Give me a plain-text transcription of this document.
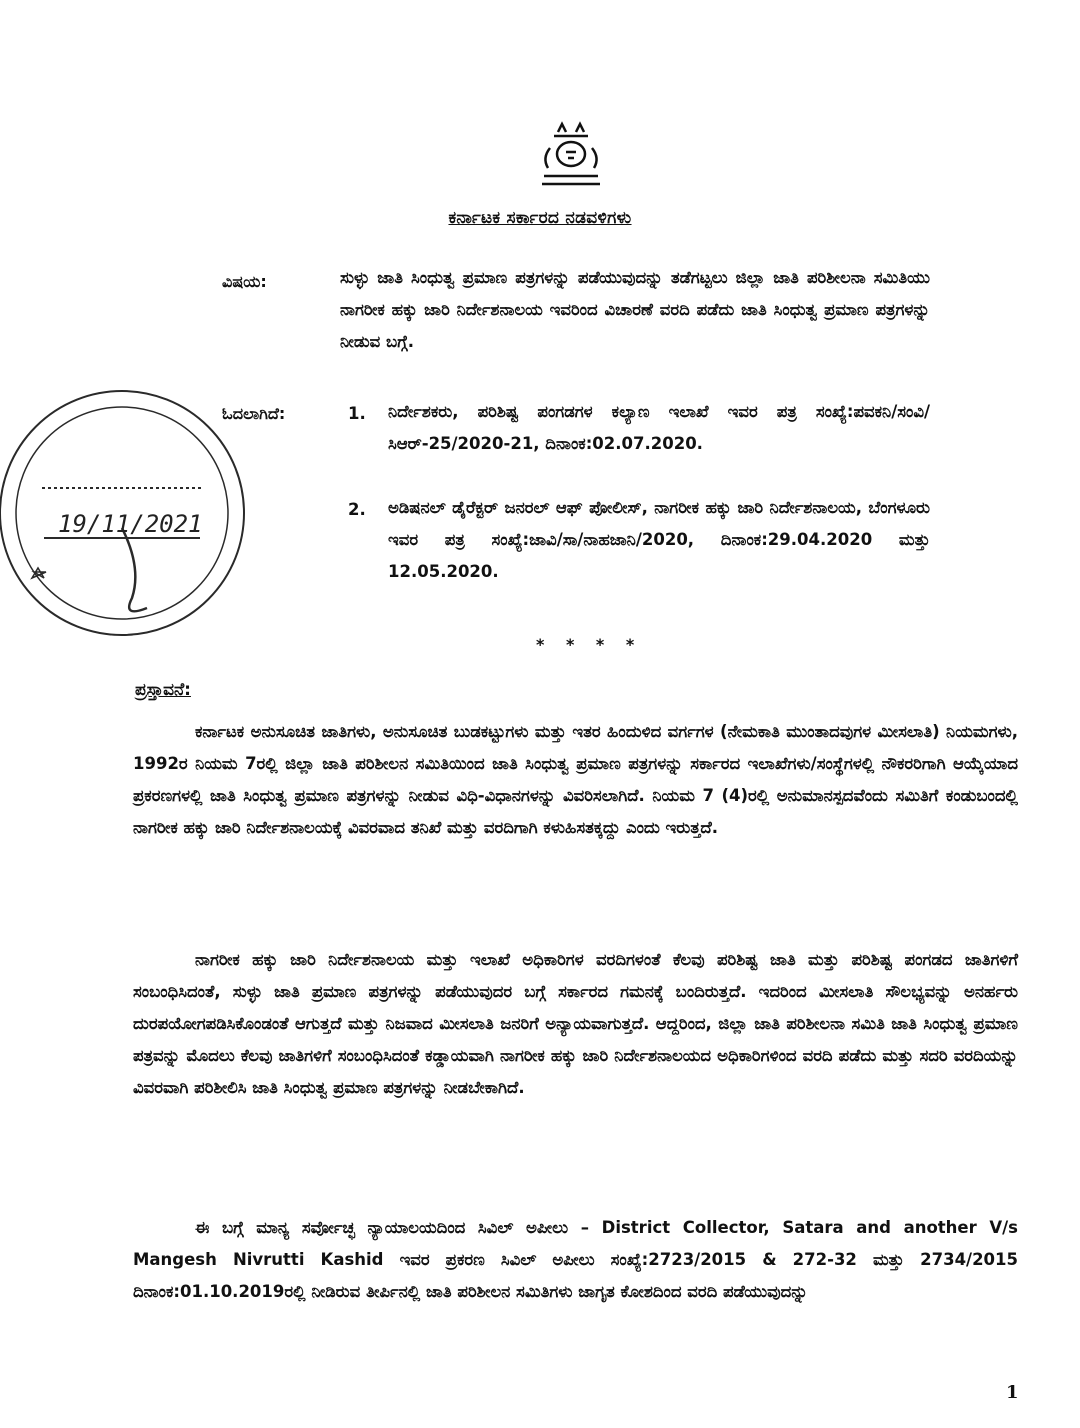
ಕರ್ನಾಟಕ ಸರ್ಕಾರದ ನಡವಳಿಗಳು
ವಿಷಯ:	ಸುಳ್ಳು ಜಾತಿ ಸಿಂಧುತ್ವ ಪ್ರಮಾಣ ಪತ್ರಗಳನ್ನು ಪಡೆಯುವುದನ್ನು ತಡೆಗಟ್ಟಲು ಜಿಲ್ಲಾ ಜಾತಿ ಪರಿಶೀಲನಾ ಸಮಿತಿಯು ನಾಗರೀಕ ಹಕ್ಕು ಜಾರಿ ನಿರ್ದೇಶನಾಲಯ ಇವರಿಂದ ವಿಚಾರಣೆ ವರದಿ ಪಡೆದು ಜಾತಿ ಸಿಂಧುತ್ವ ಪ್ರಮಾಣ ಪತ್ರಗಳನ್ನು ನೀಡುವ ಬಗ್ಗೆ.
ಓದಲಾಗಿದೆ:	1. ನಿರ್ದೇಶಕರು, ಪರಿಶಿಷ್ಟ ಪಂಗಡಗಳ ಕಲ್ಯಾಣ ಇಲಾಖೆ ಇವರ ಪತ್ರ ಸಂಖ್ಯೆ:ಪವಕನಿ/ಸಂವಿ/ಸಿಆರ್-25/2020-21, ದಿನಾಂಕ:02.07.2020.
2. ಅಡಿಷನಲ್ ಡೈರೆಕ್ಟರ್ ಜನರಲ್ ಆಫ್ ಪೋಲೀಸ್, ನಾಗರೀಕ ಹಕ್ಕು ಜಾರಿ ನಿರ್ದೇಶನಾಲಯ, ಬೆಂಗಳೂರು ಇವರ ಪತ್ರ ಸಂಖ್ಯೆ:ಜಾವಿ/ಸಾ/ನಾಹಜಾನಿ/2020, ದಿನಾಂಕ:29.04.2020 ಮತ್ತು 12.05.2020.
* * * *
19/11/2021
ಪ್ರಸ್ತಾವನೆ:
ಕರ್ನಾಟಕ ಅನುಸೂಚಿತ ಜಾತಿಗಳು, ಅನುಸೂಚಿತ ಬುಡಕಟ್ಟುಗಳು ಮತ್ತು ಇತರ ಹಿಂದುಳಿದ ವರ್ಗಗಳ (ನೇಮಕಾತಿ ಮುಂತಾದವುಗಳ ಮೀಸಲಾತಿ) ನಿಯಮಗಳು, 1992ರ ನಿಯಮ 7ರಲ್ಲಿ ಜಿಲ್ಲಾ ಜಾತಿ ಪರಿಶೀಲನ ಸಮಿತಿಯಿಂದ ಜಾತಿ ಸಿಂಧುತ್ವ ಪ್ರಮಾಣ ಪತ್ರಗಳನ್ನು ಸರ್ಕಾರದ ಇಲಾಖೆಗಳು/ಸಂಸ್ಥೆಗಳಲ್ಲಿ ನೌಕರರಿಗಾಗಿ ಆಯ್ಕೆಯಾದ ಪ್ರಕರಣಗಳಲ್ಲಿ ಜಾತಿ ಸಿಂಧುತ್ವ ಪ್ರಮಾಣ ಪತ್ರಗಳನ್ನು ನೀಡುವ ವಿಧಿ-ವಿಧಾನಗಳನ್ನು ವಿವರಿಸಲಾಗಿದೆ. ನಿಯಮ 7 (4)ರಲ್ಲಿ ಅನುಮಾನಸ್ಪದವೆಂದು ಸಮಿತಿಗೆ ಕಂಡುಬಂದಲ್ಲಿ ನಾಗರೀಕ ಹಕ್ಕು ಜಾರಿ ನಿರ್ದೇಶನಾಲಯಕ್ಕೆ ವಿವರವಾದ ತನಿಖೆ ಮತ್ತು ವರದಿಗಾಗಿ ಕಳುಹಿಸತಕ್ಕದ್ದು ಎಂದು ಇರುತ್ತದೆ.
ನಾಗರೀಕ ಹಕ್ಕು ಜಾರಿ ನಿರ್ದೇಶನಾಲಯ ಮತ್ತು ಇಲಾಖೆ ಅಧಿಕಾರಿಗಳ ವರದಿಗಳಂತೆ ಕೆಲವು ಪರಿಶಿಷ್ಟ ಜಾತಿ ಮತ್ತು ಪರಿಶಿಷ್ಟ ಪಂಗಡದ ಜಾತಿಗಳಿಗೆ ಸಂಬಂಧಿಸಿದಂತೆ, ಸುಳ್ಳು ಜಾತಿ ಪ್ರಮಾಣ ಪತ್ರಗಳನ್ನು ಪಡೆಯುವುದರ ಬಗ್ಗೆ ಸರ್ಕಾರದ ಗಮನಕ್ಕೆ ಬಂದಿರುತ್ತದೆ. ಇದರಿಂದ ಮೀಸಲಾತಿ ಸೌಲಭ್ಯವನ್ನು ಅನರ್ಹರು ದುರಪಯೋಗಪಡಿಸಿಕೊಂಡಂತೆ ಆಗುತ್ತದೆ ಮತ್ತು ನಿಜವಾದ ಮೀಸಲಾತಿ ಜನರಿಗೆ ಅನ್ಯಾಯವಾಗುತ್ತದೆ. ಆದ್ದರಿಂದ, ಜಿಲ್ಲಾ ಜಾತಿ ಪರಿಶೀಲನಾ ಸಮಿತಿ ಜಾತಿ ಸಿಂಧುತ್ವ ಪ್ರಮಾಣ ಪತ್ರವನ್ನು ಮೊದಲು ಕೆಲವು ಜಾತಿಗಳಿಗೆ ಸಂಬಂಧಿಸಿದಂತೆ ಕಡ್ಡಾಯವಾಗಿ ನಾಗರೀಕ ಹಕ್ಕು ಜಾರಿ ನಿರ್ದೇಶನಾಲಯದ ಅಧಿಕಾರಿಗಳಿಂದ ವರದಿ ಪಡೆದು ಮತ್ತು ಸದರಿ ವರದಿಯನ್ನು ವಿವರವಾಗಿ ಪರಿಶೀಲಿಸಿ ಜಾತಿ ಸಿಂಧುತ್ವ ಪ್ರಮಾಣ ಪತ್ರಗಳನ್ನು ನೀಡಬೇಕಾಗಿದೆ.
ಈ ಬಗ್ಗೆ ಮಾನ್ಯ ಸರ್ವೋಚ್ಛ ನ್ಯಾಯಾಲಯದಿಂದ ಸಿವಿಲ್ ಅಪೀಲು – District Collector, Satara and another V/s Mangesh Nivrutti Kashid ಇವರ ಪ್ರಕರಣ ಸಿವಿಲ್ ಅಪೀಲು ಸಂಖ್ಯೆ:2723/2015 & 272-32 ಮತ್ತು 2734/2015 ದಿನಾಂಕ:01.10.2019ರಲ್ಲಿ ನೀಡಿರುವ ತೀರ್ಪಿನಲ್ಲಿ ಜಾತಿ ಪರಿಶೀಲನ ಸಮಿತಿಗಳು ಜಾಗೃತ ಕೋಶದಿಂದ ವರದಿ ಪಡೆಯುವುದನ್ನು
1
